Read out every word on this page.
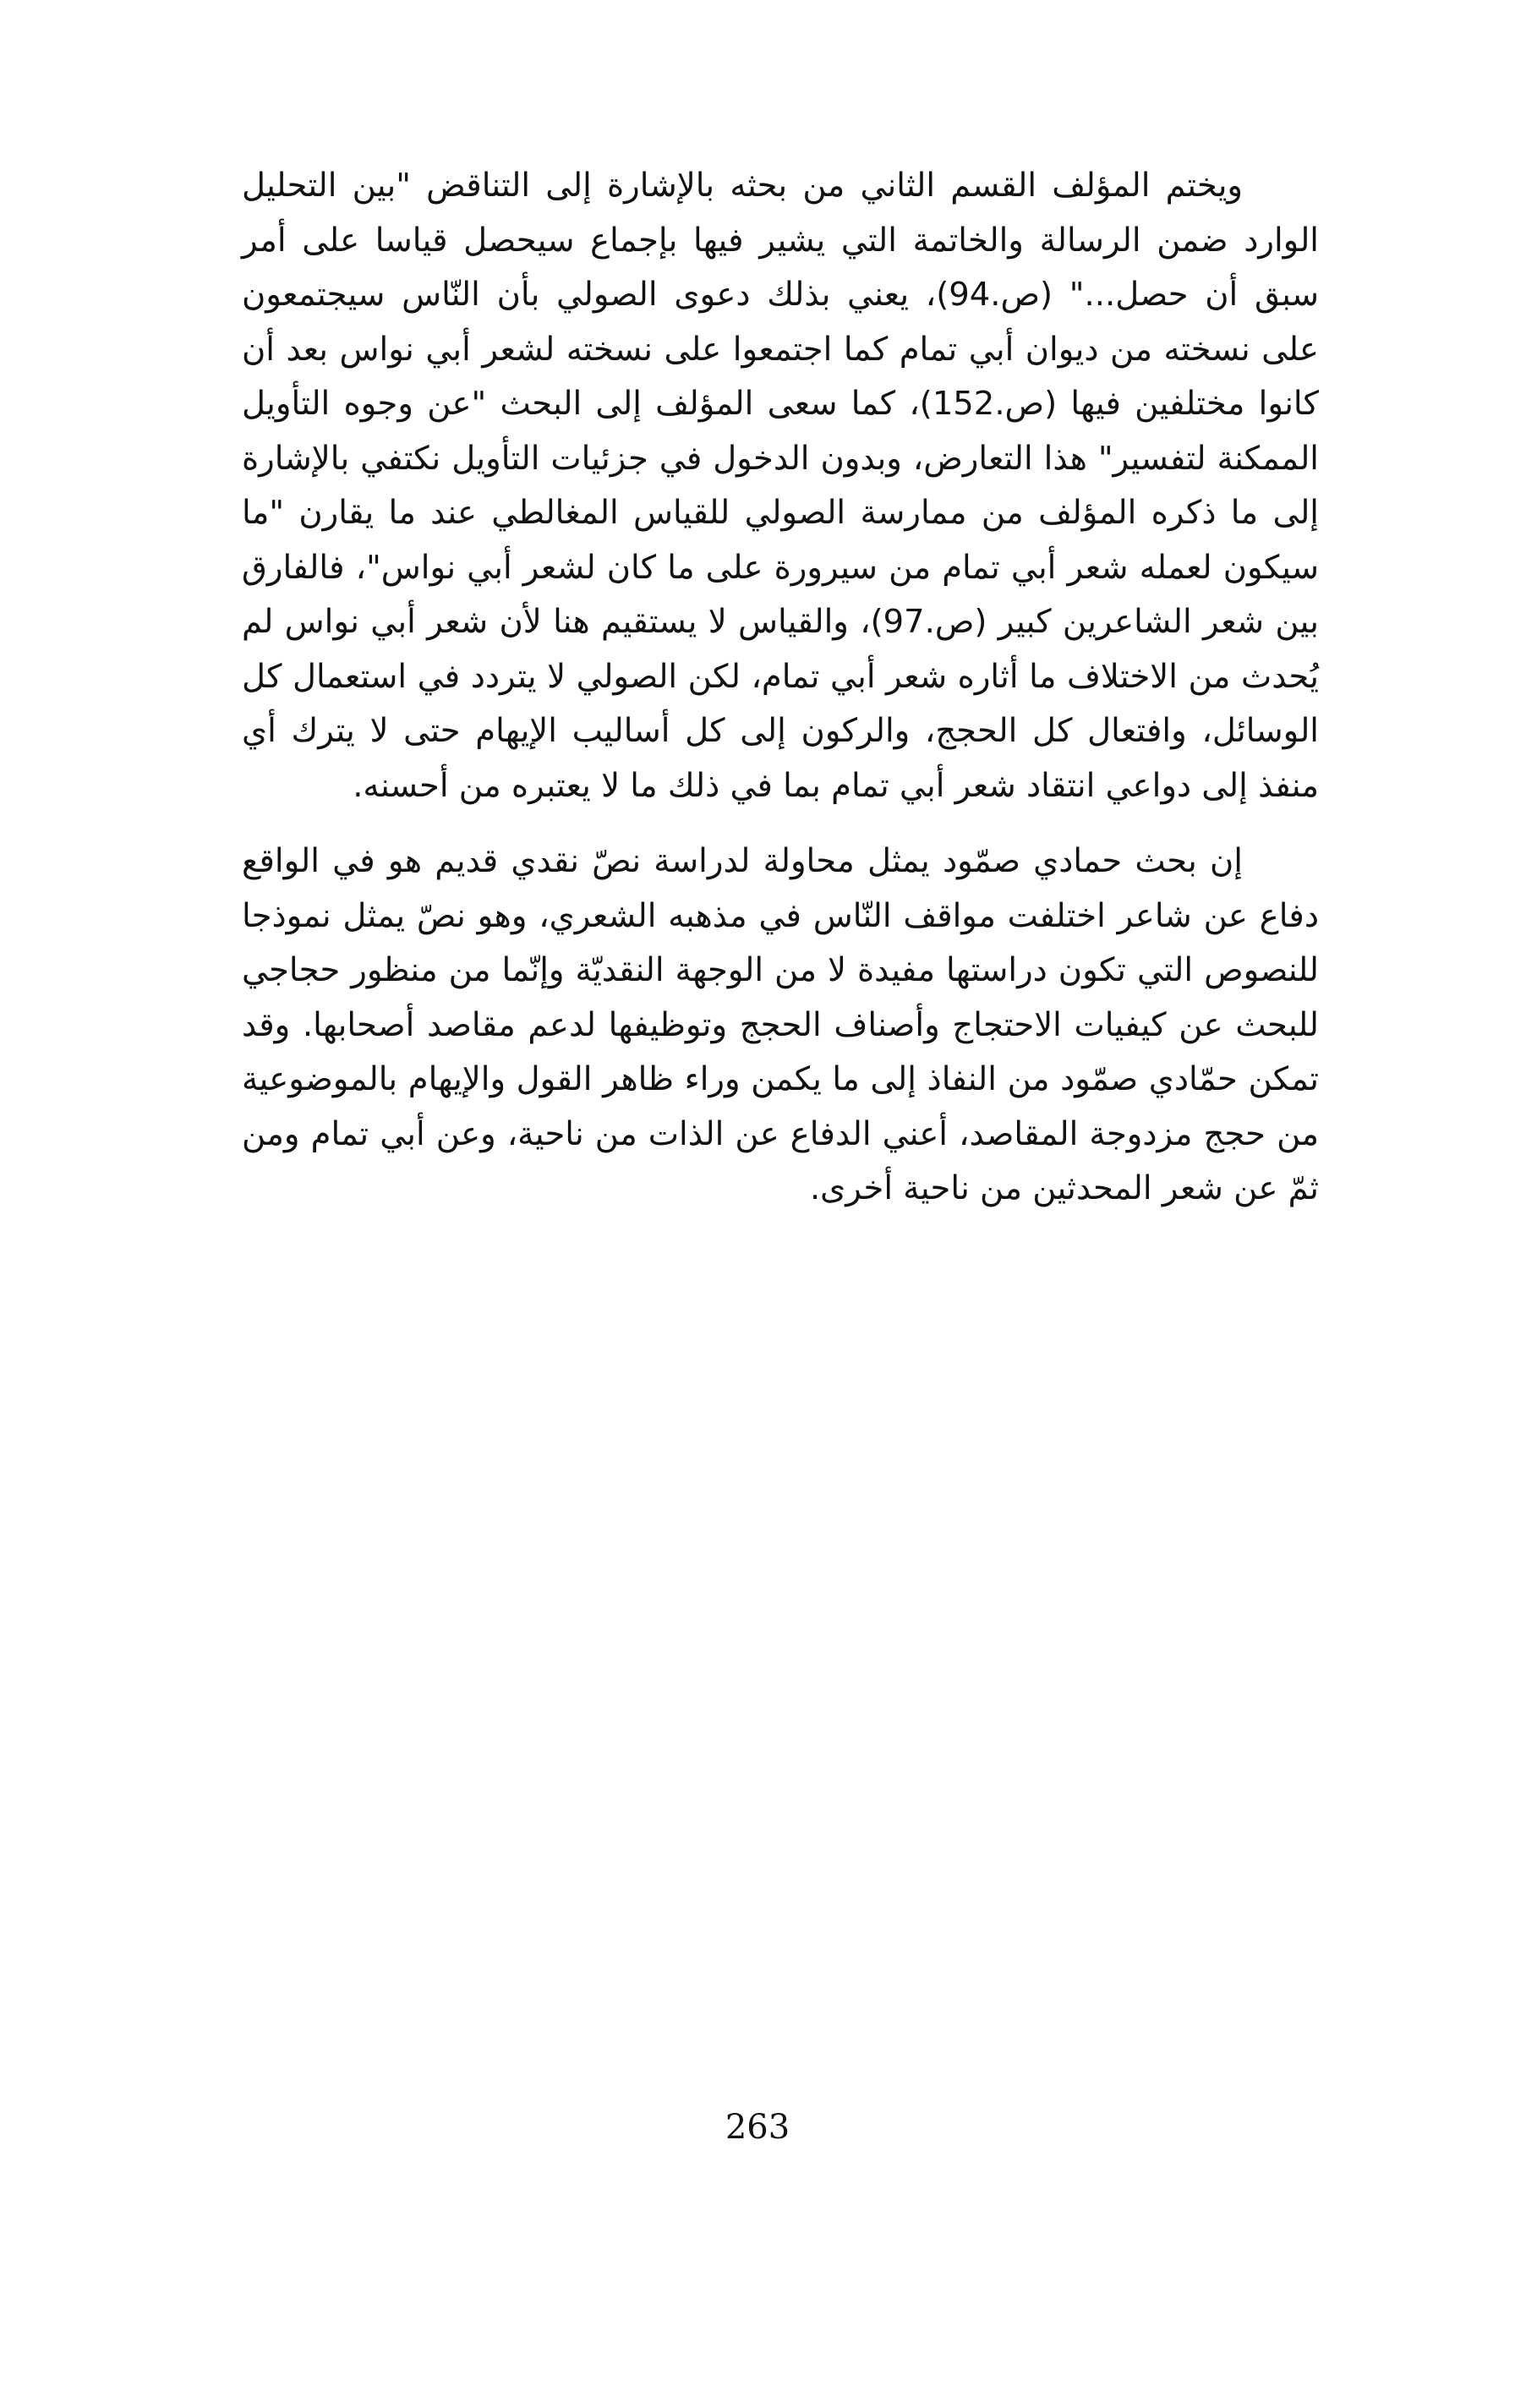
ويختم المؤلف القسم الثاني من بحثه بالإشارة إلى التناقض "بين التحليل الوارد ضمن الرسالة والخاتمة التي يشير فيها بإجماع سيحصل قياسا على أمر سبق أن حصل..." (ص.94)، يعني بذلك دعوى الصولي بأن النّاس سيجتمعون على نسخته من ديوان أبي تمام كما اجتمعوا على نسخته لشعر أبي نواس بعد أن كانوا مختلفين فيها (ص.152)، كما سعى المؤلف إلى البحث "عن وجوه التأويل الممكنة لتفسير" هذا التعارض، وبدون الدخول في جزئيات التأويل نكتفي بالإشارة إلى ما ذكره المؤلف من ممارسة الصولي للقياس المغالطي عند ما يقارن "ما سيكون لعمله شعر أبي تمام من سيرورة على ما كان لشعر أبي نواس"، فالفارق بين شعر الشاعرين كبير (ص.97)، والقياس لا يستقيم هنا لأن شعر أبي نواس لم يُحدث من الاختلاف ما أثاره شعر أبي تمام، لكن الصولي لا يتردد في استعمال كل الوسائل، وافتعال كل الحجج، والركون إلى كل أساليب الإيهام حتى لا يترك أي منفذ إلى دواعي انتقاد شعر أبي تمام بما في ذلك ما لا يعتبره من أحسنه.

إن بحث حمادي صمّود يمثل محاولة لدراسة نصّ نقدي قديم هو في الواقع دفاع عن شاعر اختلفت مواقف النّاس في مذهبه الشعري، وهو نصّ يمثل نموذجا للنصوص التي تكون دراستها مفيدة لا من الوجهة النقديّة وإنّما من منظور حجاجي للبحث عن كيفيات الاحتجاج وأصناف الحجج وتوظيفها لدعم مقاصد أصحابها. وقد تمكن حمّادي صمّود من النفاذ إلى ما يكمن وراء ظاهر القول والإيهام بالموضوعية من حجج مزدوجة المقاصد، أعني الدفاع عن الذات من ناحية، وعن أبي تمام ومن ثمّ عن شعر المحدثين من ناحية أخرى.

263
